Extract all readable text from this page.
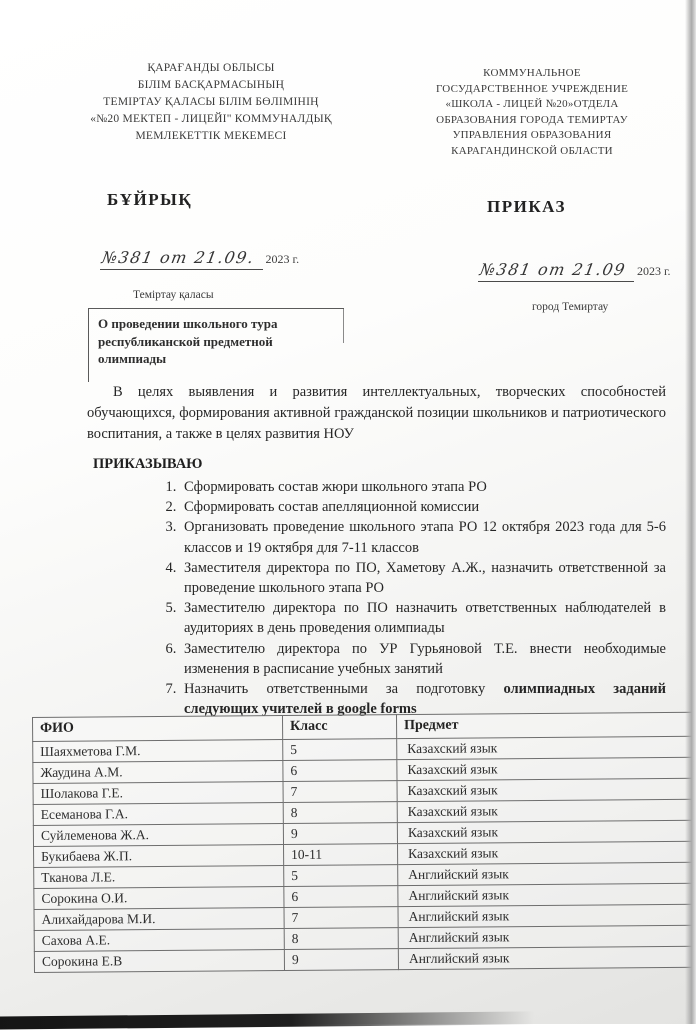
ҚАРАҒАНДЫ ОБЛЫСЫ
БІЛІМ БАСҚАРМАСЫНЫҢ
ТЕМІРТАУ ҚАЛАСЫ БІЛІМ БӨЛІМІНІҢ
«№20 МЕКТЕП - ЛИЦЕЙІ" КОММУНАЛДЫҚ
МЕМЛЕКЕТТІК МЕКЕМЕСІ
КОММУНАЛЬНОЕ
ГОСУДАРСТВЕННОЕ УЧРЕЖДЕНИЕ
«ШКОЛА - ЛИЦЕЙ №20»ОТДЕЛА
ОБРАЗОВАНИЯ ГОРОДА ТЕМИРТАУ
УПРАВЛЕНИЯ ОБРАЗОВАНИЯ
КАРАГАНДИНСКОЙ ОБЛАСТИ
БҰЙРЫҚ	ПРИКАЗ
№381 от 21.09. 2023 г.
№381 от 21.09 2023 г.
Теміртау қаласы
город Темиртау
О проведении школьного тура республиканской предметной олимпиады
В целях выявления и развития интеллектуальных, творческих способностей обучающихся, формирования активной гражданской позиции школьников и патриотического воспитания, а также в целях развития НОУ
ПРИКАЗЫВАЮ
1. Сформировать состав жюри школьного этапа РО
2. Сформировать состав апелляционной комиссии
3. Организовать проведение школьного этапа РО 12 октября 2023 года для 5-6 классов и 19 октября для 7-11 классов
4. Заместителя директора по ПО, Хаметову А.Ж., назначить ответственной за проведение школьного этапа РО
5. Заместителю директора по ПО назначить ответственных наблюдателей в аудиториях в день проведения олимпиады
6. Заместителю директора по УР Гурьяновой Т.Е. внести необходимые изменения в расписание учебных занятий
7. Назначить ответственными за подготовку олимпиадных заданий следующих учителей в google forms
ФИО	Класс	Предмет
Шаяхметова Г.М.	5	Казахский язык
Жаудина А.М.	6	Казахский язык
Шолакова Г.Е.	7	Казахский язык
Есеманова Г.А.	8	Казахский язык
Суйлеменова Ж.А.	9	Казахский язык
Букибаева Ж.П.	10-11	Казахский язык
Тканова Л.Е.	5	Английский язык
Сорокина О.И.	6	Английский язык
Алихайдарова М.И.	7	Английский язык
Сахова А.Е.	8	Английский язык
Сорокина Е.В	9	Английский язык
